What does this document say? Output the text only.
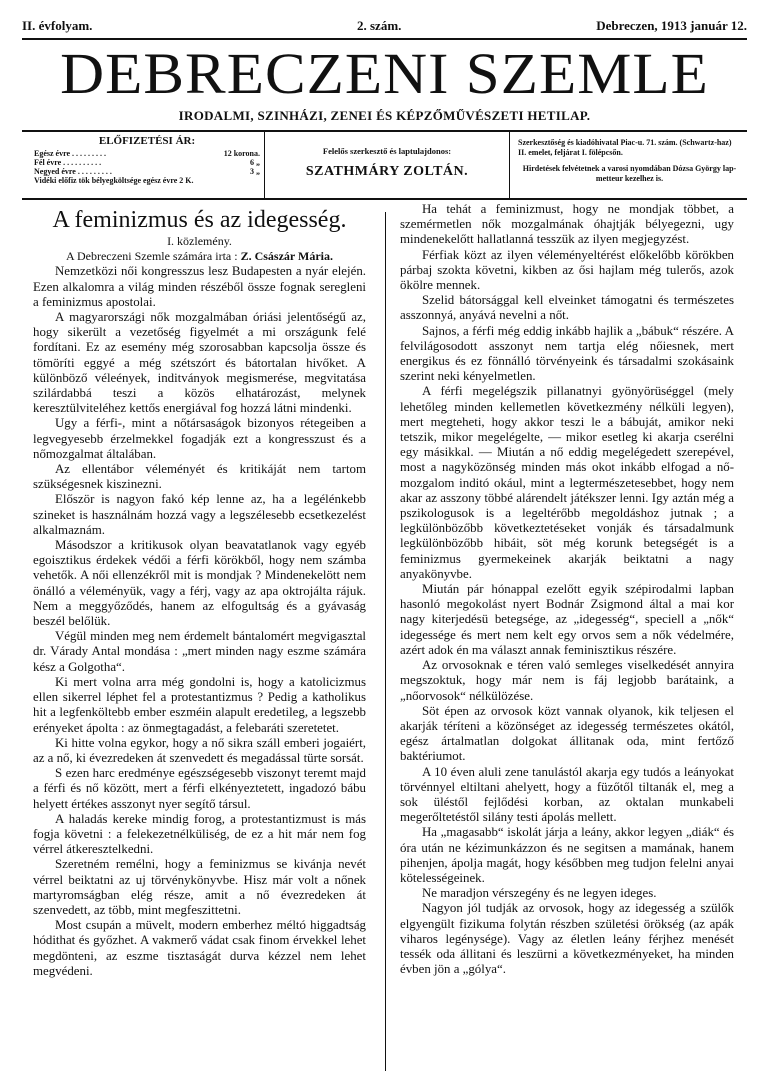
II. évfolyam.	2. szám.	Debreczen, 1913 január 12.
DEBRECZENI SZEMLE
IRODALMI, SZINHÁZI, ZENEI ÉS KÉPZŐMŰVÉSZETI HETILAP.
ELŐFIZETÉSI ÁR:
Egész évre . . . . . . . . .	12 korona.
Fél évre . . . . . . . . . .	6 „
Negyed évre . . . . . . . . .	3 „
Vidéki előfiz tök bélyegköltsége egész évre 2 K.
Felelős szerkesztő és laptulajdonos:
SZATHMÁRY ZOLTÁN.
Szerkesztőség és kiadóhivatal Piac-u. 71. szám. (Schwartz-haz) II. emelet, feljárat I. fölépcsőn.
Hirdetések felvétetnek a varosi nyomdában Dózsa György lap-metteur kezelhez is.

A feminizmus és az idegesség.

I. közlemény.

A Debreczeni Szemle számára irta : Z. Császár Mária.

Nemzetközi női kongresszus lesz Budapesten a nyár elején. Ezen alkalomra a világ minden részéből össze fognak seregleni a feminizmus apostolai.

A magyarországi nők mozgalmában óriási jelentőségű az, hogy sikerült a vezetőség figyelmét a mi országunk felé fordítani. Ez az esemény még szorosabban kapcsolja össze és tömöríti eggyé a még szétszórt és bátortalan hivőket. A különböző véleények, inditványok megismerése, megvitatása szilárdabbá teszi a közös elhatározást, melynek keresztülviteléhez kettős energiával fog hozzá látni mindenki.

Ugy a férfi-, mint a nőtársaságok bizonyos rétegeiben a legvegyesebb érzelmekkel fogadják ezt a kongresszust és a nőmozgalmat általában.

Az ellentábor véleményét és kritikáját nem tartom szükségesnek kiszinezni.

Először is nagyon fakó kép lenne az, ha a legélénkebb szineket is használnám hozzá vagy a legszélesebb ecsetkezelést alkalmaznám.

Másodszor a kritikusok olyan beavatatlanok vagy egyéb egoisztikus érdekek védői a férfi körökből, hogy nem számba vehetők. A női ellenzékről mit is mondjak ? Mindenekelött nem önálló a véleményük, vagy a férj, vagy az apa oktrojálta rájuk. Nem a meggyőződés, hanem az elfogultság és a gyávaság beszél belőlük.

Végül minden meg nem érdemelt bántalomért megvigasztal dr. Várady Antal mondása : „mert minden nagy eszme számára kész a Golgotha“.

Ki mert volna arra még gondolni is, hogy a katolicizmus ellen sikerrel léphet fel a protestantizmus ? Pedig a katholikus hit a legfenköltebb ember eszméin alapult eredetileg, a legszebb erényeket ápolta : az önmegtagadást, a felebaráti szeretetet.

Ki hitte volna egykor, hogy a nő sikra száll emberi jogaiért, az a nő, ki évezredeken át szenvedett és megadással türte sorsát.

S ezen harc eredménye egészségesebb viszonyt teremt majd a férfi és nő között, mert a férfi elkényeztetett, ingadozó bábu helyett értékes asszonyt nyer segítő társul.

A haladás kereke mindig forog, a protestantizmust is más fogja követni : a felekezetnélküliség, de ez a hit már nem fog vérrel átkeresztelkedni.

Szeretném remélni, hogy a feminizmus se kivánja nevét vérrel beiktatni az uj törvénykönyvbe. Hisz már volt a nőnek martyromságban elég része, amit a nő évezredeken át szenvedett, az több, mint megfeszittetni.

Most csupán a müvelt, modern emberhez méltó higgadtság hódithat és győzhet. A vakmerő vádat csak finom érvekkel lehet megdönteni, az eszme tisztaságát durva kézzel nem lehet megvédeni.

Ha tehát a feminizmust, hogy ne mondjak többet, a szemérmetlen nők mozgalmának óhajtják bélyegezni, ugy mindenekelőtt hallatlanná tesszük az ilyen megjegyzést.

Férfiak közt az ilyen véleményeltérést előkelőbb körökben párbaj szokta követni, kikben az ősi hajlam még tulerős, azok ökölre mennek.

Szelid bátorsággal kell elveinket támogatni és természetes asszonnyá, anyává nevelni a nőt.

Sajnos, a férfi még eddig inkább hajlik a „bábuk“ részére. A felvilágosodott asszonyt nem tartja elég nőiesnek, mert energikus és ez fönnálló törvényeink és társadalmi szokásaink szerint neki kényelmetlen.

A férfi megelégszik pillanatnyi gyönyörüséggel (mely lehetőleg minden kellemetlen következmény nélküli legyen), mert megteheti, hogy akkor teszi le a bábuját, amikor neki tetszik, mikor megelégelte, — mikor esetleg ki akarja cserélni egy másikkal. — Miután a nő eddig megelégedett szerepével, most a nagyközönség minden más okot inkább elfogad a nő-mozgalom inditó okául, mint a legtermészetesebbet, hogy nem akar az asszony többé alárendelt játékszer lenni. Igy aztán még a pszikologusok is a legeltérőbb megoldáshoz jutnak ; a legkülönbözőbb következtetéseket vonják és társadalmunk legkülönbözőbb hibáit, söt még korunk betegségét is a feminizmus gyermekeinek akarják beiktatni a nagy anyakönyvbe.

Miután pár hónappal ezelőtt egyik szépirodalmi lapban hasonló megokolást nyert Bodnár Zsigmond által a mai kor nagy kiterjedésü betegsége, az „idegesség“, speciell a „nők“ idegessége és mert nem kelt egy orvos sem a nők védelmére, azért adok én ma választ annak feminisztikus részére.

Az orvosoknak e téren való semleges viselkedését annyira megszoktuk, hogy már nem is fáj legjobb barátaink, a „nőorvosok“ nélkülözése.

Söt épen az orvosok közt vannak olyanok, kik teljesen el akarják téríteni a közönséget az idegesség természetes okától, egész ártalmatlan dolgokat állitanak oda, mint fertőző baktériumot.

A 10 éven aluli zene tanulástól akarja egy tudós a leányokat törvénnyel eltiltani ahelyett, hogy a füzőtől tiltanák el, meg a sok üléstől fejlődési korban, az oktalan munkabeli megerőltetéstől silány testi ápolás mellett.

Ha „magasabb“ iskolát járja a leány, akkor legyen „diák“ és óra után ne kézimunkázzon és ne segitsen a mamának, hanem pihenjen, ápolja magát, hogy későbben meg tudjon felelni anyai kötelességeinek.

Ne maradjon vérszegény és ne legyen ideges.

Nagyon jól tudják az orvosok, hogy az idegesség a szülők elgyengült fizikuma folytán részben születési örökség (az apák viharos legénysége). Vagy az életlen leány férjhez menését tessék oda állitani és leszürni a következményeket, ha minden évben jön a „gólya“.
